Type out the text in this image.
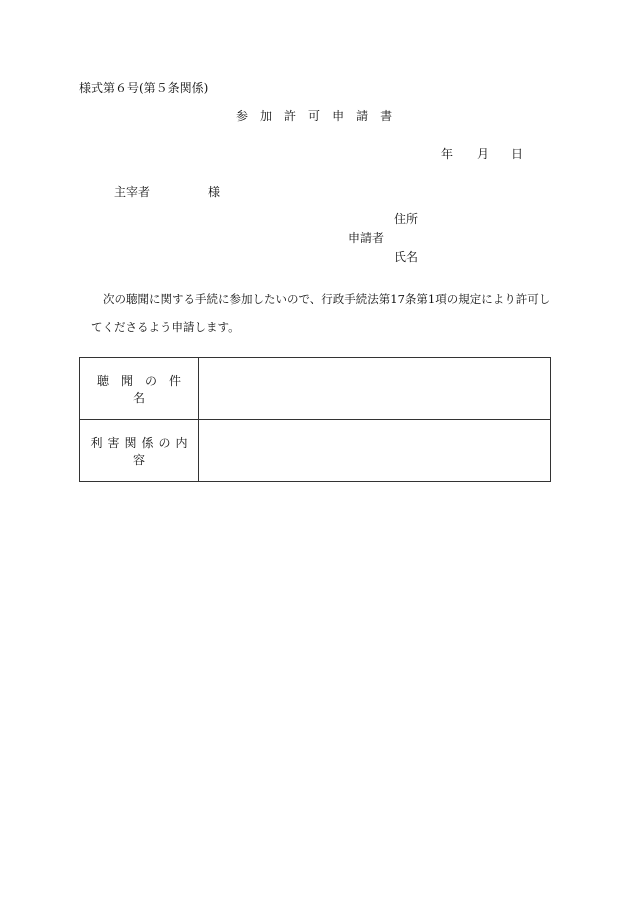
様式第６号(第５条関係)
参 加 許 可 申 請 書
年 月 日
主宰者	様
住所
申請者
氏名
次の聴聞に関する手続に参加したいので、行政手続法第17条第1項の規定により許可し
てくださるよう申請します。
聴 聞 の 件名	
利 害 関 係 の 内容	
